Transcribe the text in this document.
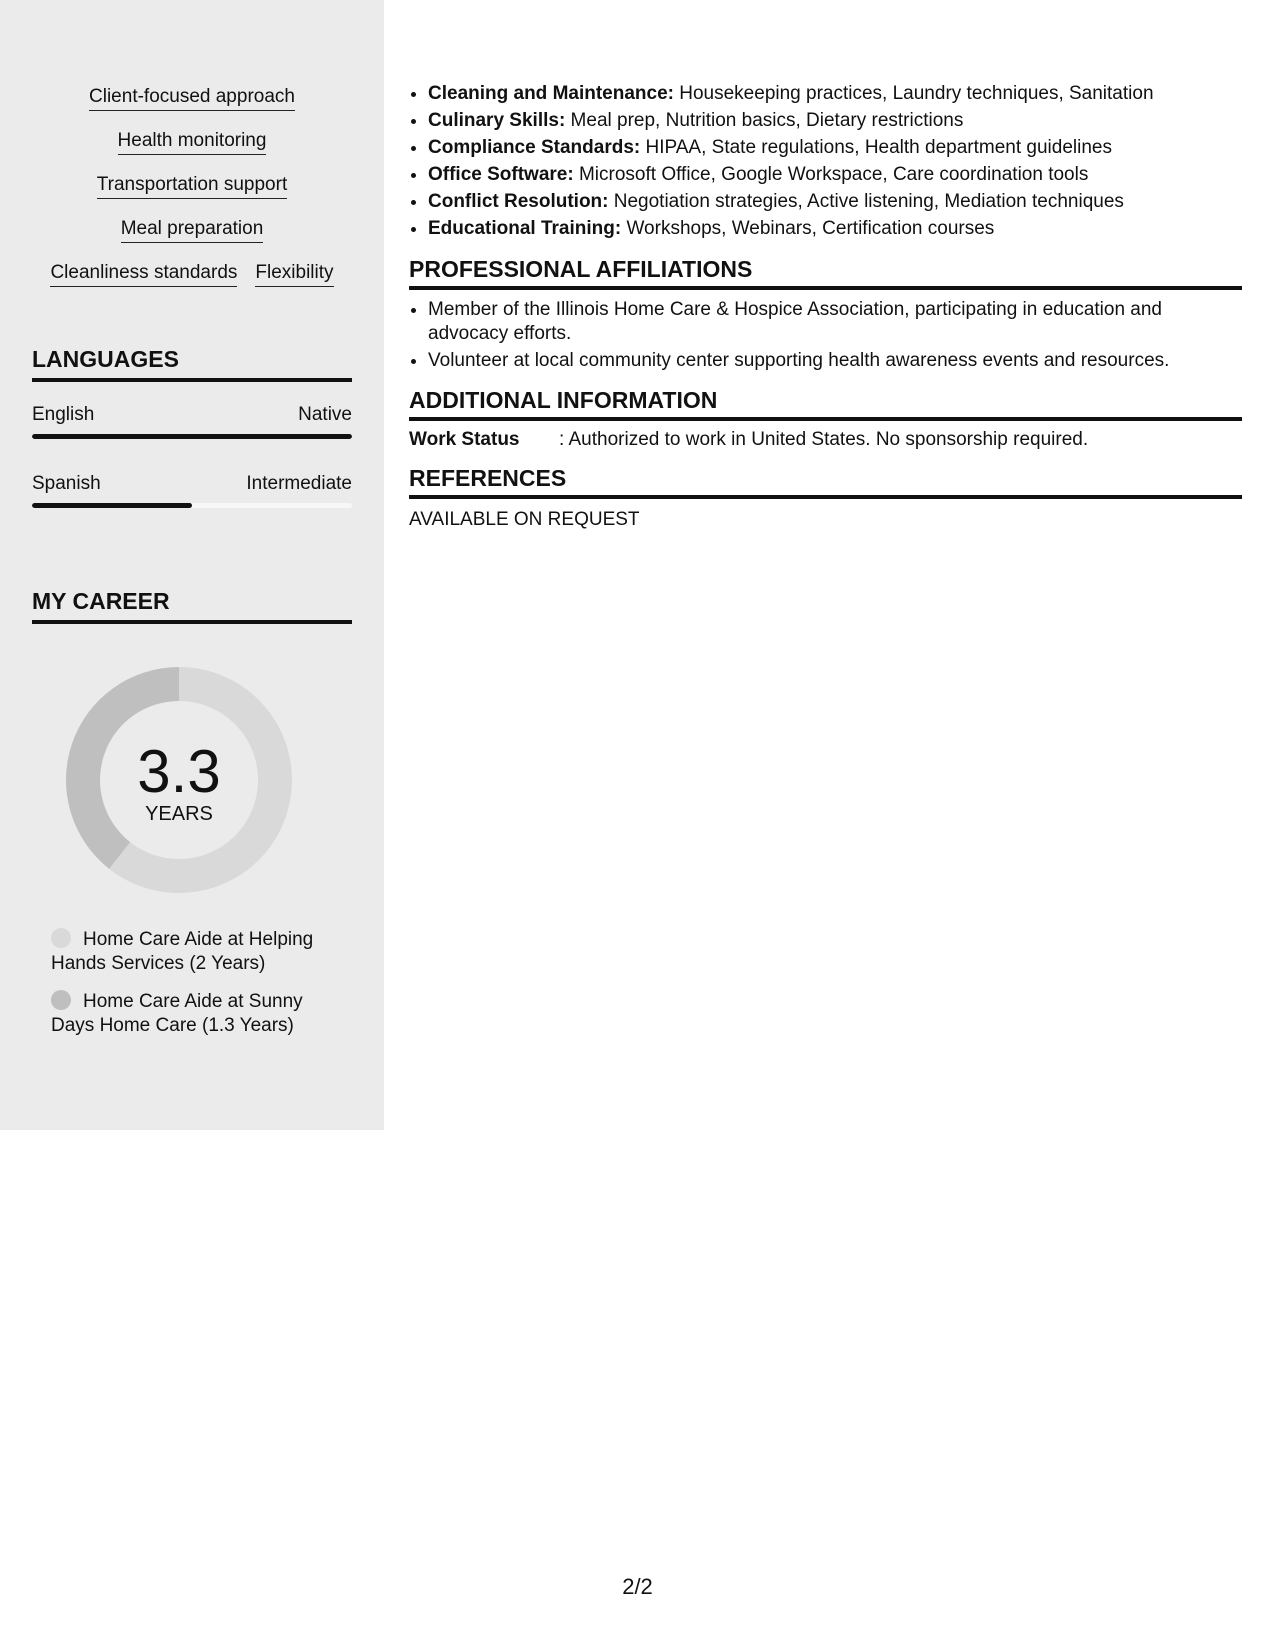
Client-focused approach
Health monitoring
Transportation support
Meal preparation
Cleanliness standards Flexibility
LANGUAGES
English	Native
Spanish	Intermediate
MY CAREER
3.3
YEARS
Home Care Aide at Helping Hands Services (2 Years)
Home Care Aide at Sunny Days Home Care (1.3 Years)
• Cleaning and Maintenance: Housekeeping practices, Laundry techniques, Sanitation
• Culinary Skills: Meal prep, Nutrition basics, Dietary restrictions
• Compliance Standards: HIPAA, State regulations, Health department guidelines
• Office Software: Microsoft Office, Google Workspace, Care coordination tools
• Conflict Resolution: Negotiation strategies, Active listening, Mediation techniques
• Educational Training: Workshops, Webinars, Certification courses
PROFESSIONAL AFFILIATIONS
• Member of the Illinois Home Care & Hospice Association, participating in education and advocacy efforts.
• Volunteer at local community center supporting health awareness events and resources.
ADDITIONAL INFORMATION
Work Status	: Authorized to work in United States. No sponsorship required.
REFERENCES
AVAILABLE ON REQUEST
2/2
